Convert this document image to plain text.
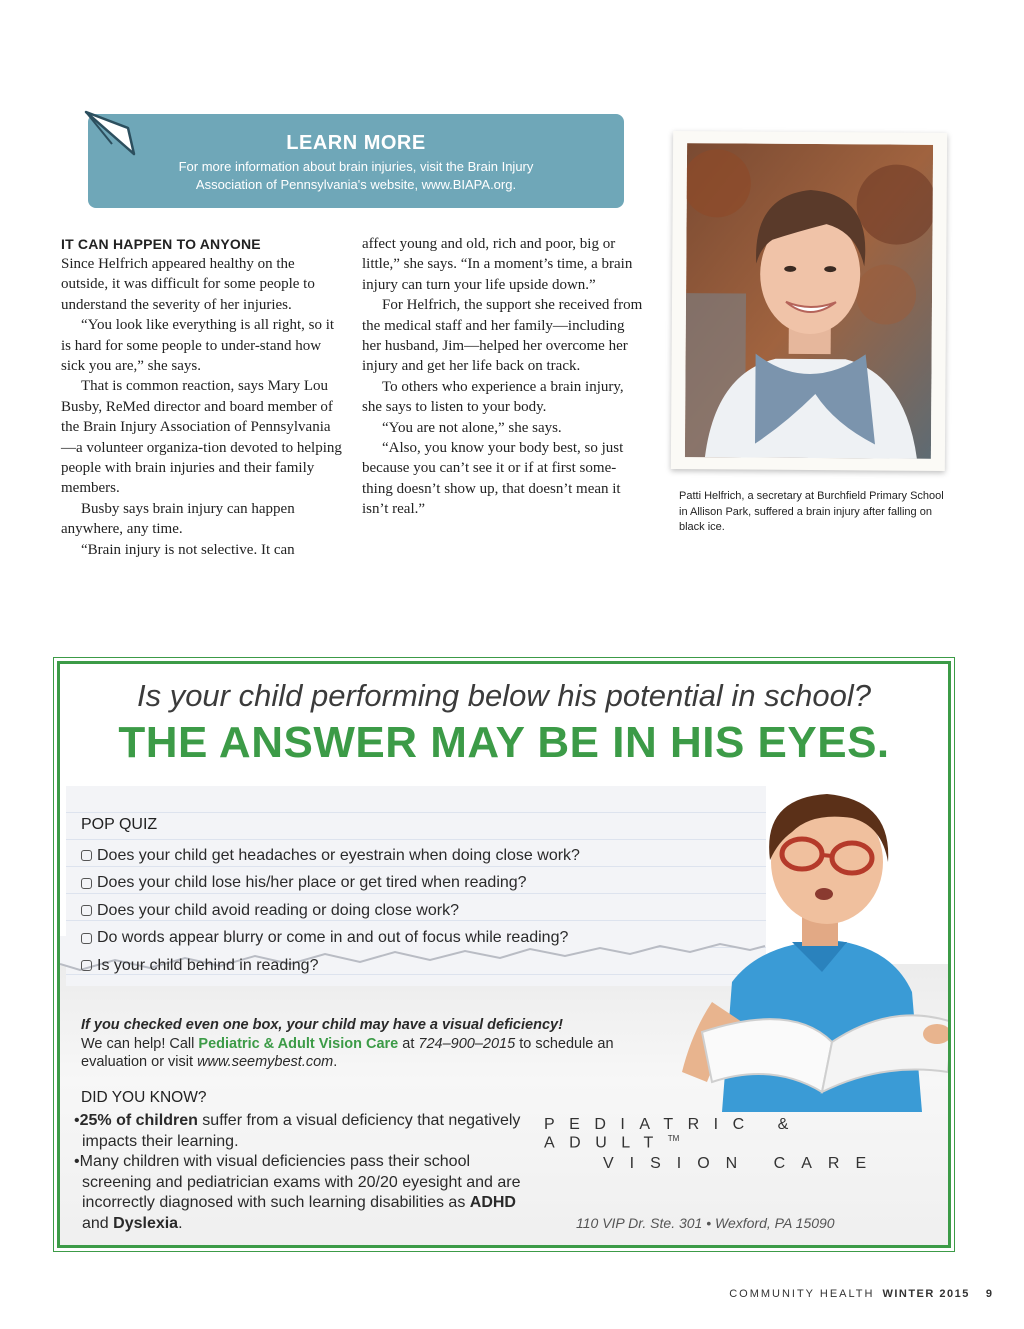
LEARN MORE
For more information about brain injuries, visit the Brain Injury
Association of Pennsylvania's website, www.BIAPA.org.
IT CAN HAPPEN TO ANYONE

Since Helfrich appeared healthy on the outside, it was difficult for some people to understand the severity of her injuries.

“You look like everything is all right, so it is hard for some people to under-stand how sick you are,” she says.

That is common reaction, says Mary Lou Busby, ReMed director and board member of the Brain Injury Association of Pennsylvania—a volunteer organiza-tion devoted to helping people with brain injuries and their family members.

Busby says brain injury can happen anywhere, any time.

“Brain injury is not selective. It can

affect young and old, rich and poor, big or little,” she says. “In a moment’s time, a brain injury can turn your life upside down.”

For Helfrich, the support she received from the medical staff and her family—including her husband, Jim—helped her overcome her injury and get her life back on track.

To others who experience a brain injury, she says to listen to your body.

“You are not alone,” she says.

“Also, you know your body best, so just because you can’t see it or if at first some-thing doesn’t show up, that doesn’t mean it isn’t real.”

Patti Helfrich, a secretary at Burchfield Primary School in Allison Park, suffered a brain injury after falling on black ice.
Is your child performing below his potential in school?
THE ANSWER MAY BE IN HIS EYES.
POP QUIZ
Does your child get headaches or eyestrain when doing close work?
Does your child lose his/her place or get tired when reading?
Does your child avoid reading or doing close work?
Do words appear blurry or come in and out of focus while reading?
Is your child behind in reading?
If you checked even one box, your child may have a visual deficiency!
We can help! Call Pediatric & Adult Vision Care at 724–900–2015 to schedule an evaluation or visit www.seemybest.com.
DID YOU KNOW?
•25% of children suffer from a visual deficiency that negatively impacts their learning.
•Many children with visual deficiencies pass their school screening and pediatrician exams with 20/20 eyesight and are incorrectly diagnosed with such learning disabilities as ADHD and Dyslexia.
PEDIATRIC & ADULT™
VISION CARE
110 VIP Dr. Ste. 301 • Wexford, PA 15090
COMMUNITY HEALTH WINTER 2015 9
